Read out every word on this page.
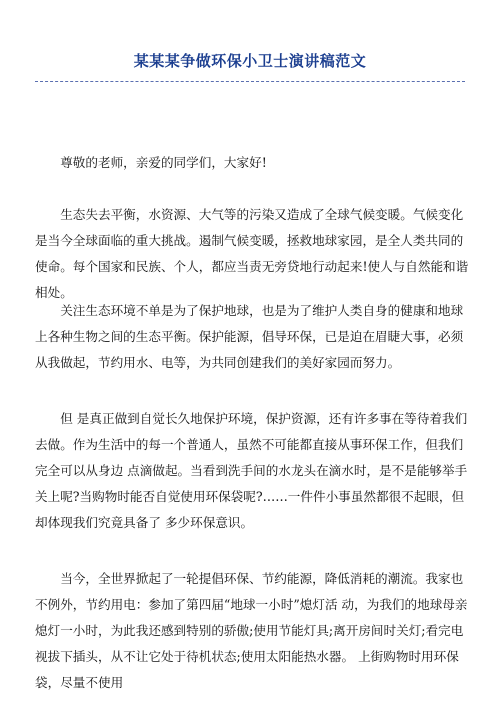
某某某争做环保小卫士演讲稿范文

尊敬的老师，亲爱的同学们，大家好!

生态失去平衡，水资源、大气等的污染又造成了全球气候变暖。气候变化是当今全球面临的重大挑战。遏制气候变暖，拯救地球家园，是全人类共同的使命。每个国家和民族、个人，都应当责无旁贷地行动起来!使人与自然能和谐相处。

关注生态环境不单是为了保护地球，也是为了维护人类自身的健康和地球上各种生物之间的生态平衡。保护能源，倡导环保，已是迫在眉睫大事，必须从我做起，节约用水、电等，为共同创建我们的美好家园而努力。

但 是真正做到自觉长久地保护环境，保护资源，还有许多事在等待着我们去做。作为生活中的每一个普通人，虽然不可能都直接从事环保工作，但我们完全可以从身边 点滴做起。当看到洗手间的水龙头在滴水时，是不是能够举手关上呢?当购物时能否自觉使用环保袋呢?……一件件小事虽然都很不起眼，但却体现我们究竟具备了 多少环保意识。

当今，全世界掀起了一轮提倡环保、节约能源，降低消耗的潮流。我家也不例外，节约用电：参加了第四届“地球一小时”熄灯活 动，为我们的地球母亲熄灯一小时，为此我还感到特别的骄傲;使用节能灯具;离开房间时关灯;看完电视拔下插头，从不让它处于待机状态;使用太阳能热水器。 上街购物时用环保袋，尽量不使用
